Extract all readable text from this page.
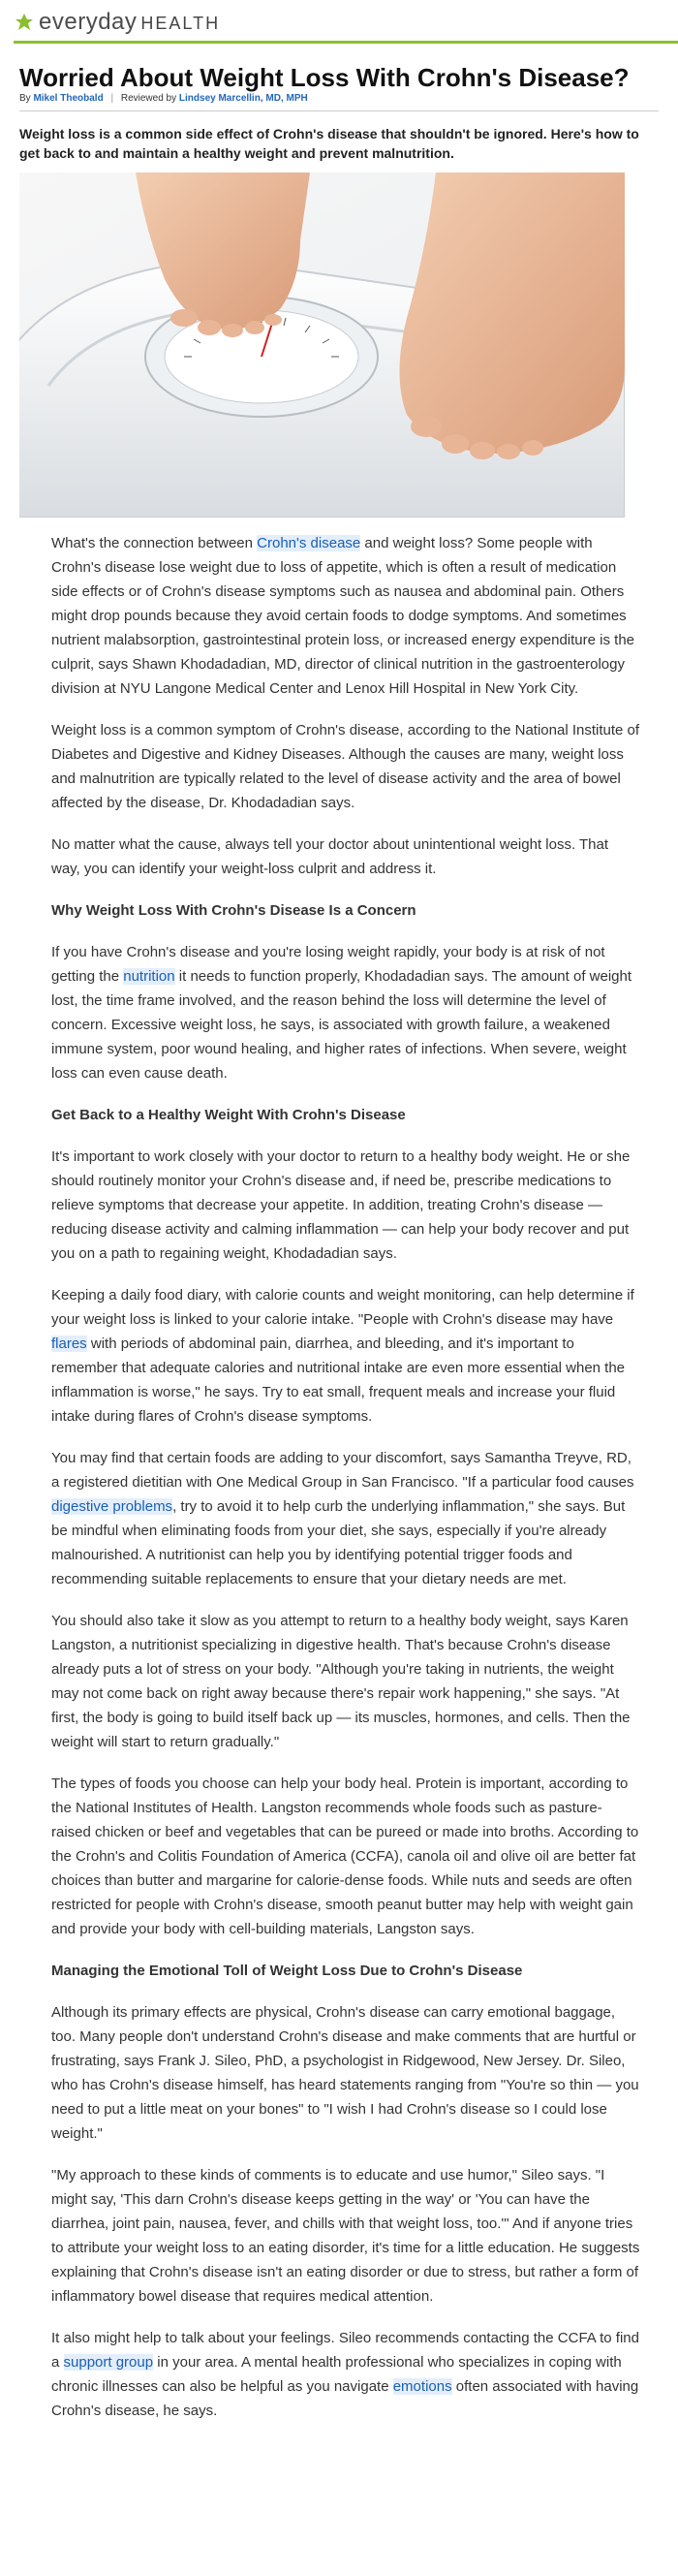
everyday HEALTH
Worried About Weight Loss With Crohn's Disease?
By Mikel Theobald | Reviewed by Lindsey Marcellin, MD, MPH

Weight loss is a common side effect of Crohn's disease that shouldn't be ignored. Here's how to get back to and maintain a healthy weight and prevent malnutrition.

What's the connection between Crohn's disease and weight loss? Some people with Crohn's disease lose weight due to loss of appetite, which is often a result of medication side effects or of Crohn's disease symptoms such as nausea and abdominal pain. Others might drop pounds because they avoid certain foods to dodge symptoms. And sometimes nutrient malabsorption, gastrointestinal protein loss, or increased energy expenditure is the culprit, says Shawn Khodadadian, MD, director of clinical nutrition in the gastroenterology division at NYU Langone Medical Center and Lenox Hill Hospital in New York City.

Weight loss is a common symptom of Crohn's disease, according to the National Institute of Diabetes and Digestive and Kidney Diseases. Although the causes are many, weight loss and malnutrition are typically related to the level of disease activity and the area of bowel affected by the disease, Dr. Khodadadian says.

No matter what the cause, always tell your doctor about unintentional weight loss. That way, you can identify your weight-loss culprit and address it.

Why Weight Loss With Crohn's Disease Is a Concern

If you have Crohn's disease and you're losing weight rapidly, your body is at risk of not getting the nutrition it needs to function properly, Khodadadian says. The amount of weight lost, the time frame involved, and the reason behind the loss will determine the level of concern. Excessive weight loss, he says, is associated with growth failure, a weakened immune system, poor wound healing, and higher rates of infections. When severe, weight loss can even cause death.

Get Back to a Healthy Weight With Crohn's Disease

It's important to work closely with your doctor to return to a healthy body weight. He or she should routinely monitor your Crohn's disease and, if need be, prescribe medications to relieve symptoms that decrease your appetite. In addition, treating Crohn's disease — reducing disease activity and calming inflammation — can help your body recover and put you on a path to regaining weight, Khodadadian says.

Keeping a daily food diary, with calorie counts and weight monitoring, can help determine if your weight loss is linked to your calorie intake. "People with Crohn's disease may have flares with periods of abdominal pain, diarrhea, and bleeding, and it's important to remember that adequate calories and nutritional intake are even more essential when the inflammation is worse," he says. Try to eat small, frequent meals and increase your fluid intake during flares of Crohn's disease symptoms.

You may find that certain foods are adding to your discomfort, says Samantha Treyve, RD, a registered dietitian with One Medical Group in San Francisco. "If a particular food causes digestive problems, try to avoid it to help curb the underlying inflammation," she says. But be mindful when eliminating foods from your diet, she says, especially if you're already malnourished. A nutritionist can help you by identifying potential trigger foods and recommending suitable replacements to ensure that your dietary needs are met.

You should also take it slow as you attempt to return to a healthy body weight, says Karen Langston, a nutritionist specializing in digestive health. That's because Crohn's disease already puts a lot of stress on your body. "Although you're taking in nutrients, the weight may not come back on right away because there's repair work happening," she says. "At first, the body is going to build itself back up — its muscles, hormones, and cells. Then the weight will start to return gradually."

The types of foods you choose can help your body heal. Protein is important, according to the National Institutes of Health. Langston recommends whole foods such as pasture-raised chicken or beef and vegetables that can be pureed or made into broths. According to the Crohn's and Colitis Foundation of America (CCFA), canola oil and olive oil are better fat choices than butter and margarine for calorie-dense foods. While nuts and seeds are often restricted for people with Crohn's disease, smooth peanut butter may help with weight gain and provide your body with cell-building materials, Langston says.

Managing the Emotional Toll of Weight Loss Due to Crohn's Disease

Although its primary effects are physical, Crohn's disease can carry emotional baggage, too. Many people don't understand Crohn's disease and make comments that are hurtful or frustrating, says Frank J. Sileo, PhD, a psychologist in Ridgewood, New Jersey. Dr. Sileo, who has Crohn's disease himself, has heard statements ranging from "You're so thin — you need to put a little meat on your bones" to "I wish I had Crohn's disease so I could lose weight."

"My approach to these kinds of comments is to educate and use humor," Sileo says. "I might say, 'This darn Crohn's disease keeps getting in the way' or 'You can have the diarrhea, joint pain, nausea, fever, and chills with that weight loss, too.'" And if anyone tries to attribute your weight loss to an eating disorder, it's time for a little education. He suggests explaining that Crohn's disease isn't an eating disorder or due to stress, but rather a form of inflammatory bowel disease that requires medical attention.

It also might help to talk about your feelings. Sileo recommends contacting the CCFA to find a support group in your area. A mental health professional who specializes in coping with chronic illnesses can also be helpful as you navigate emotions often associated with having Crohn's disease, he says.
